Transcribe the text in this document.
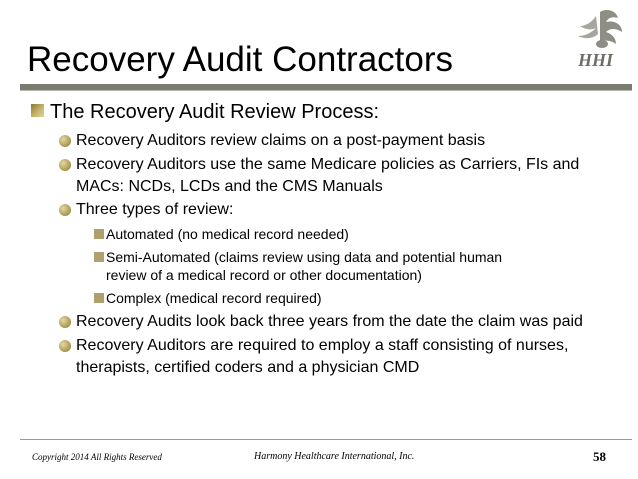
HHI
Recovery Audit Contractors
The Recovery Audit Review Process:
Recovery Auditors review claims on a post-payment basis
Recovery Auditors use the same Medicare policies as Carriers, FIs and
MACs: NCDs, LCDs and the CMS Manuals
Three types of review:
Automated (no medical record needed)
Semi-Automated (claims review using data and potential human
review of a medical record or other documentation)
Complex (medical record required)
Recovery Audits look back three years from the date the claim was paid
Recovery Auditors are required to employ a staff consisting of nurses,
therapists, certified coders and a physician CMD
Copyright 2014 All Rights Reserved	Harmony Healthcare International, Inc.	58
